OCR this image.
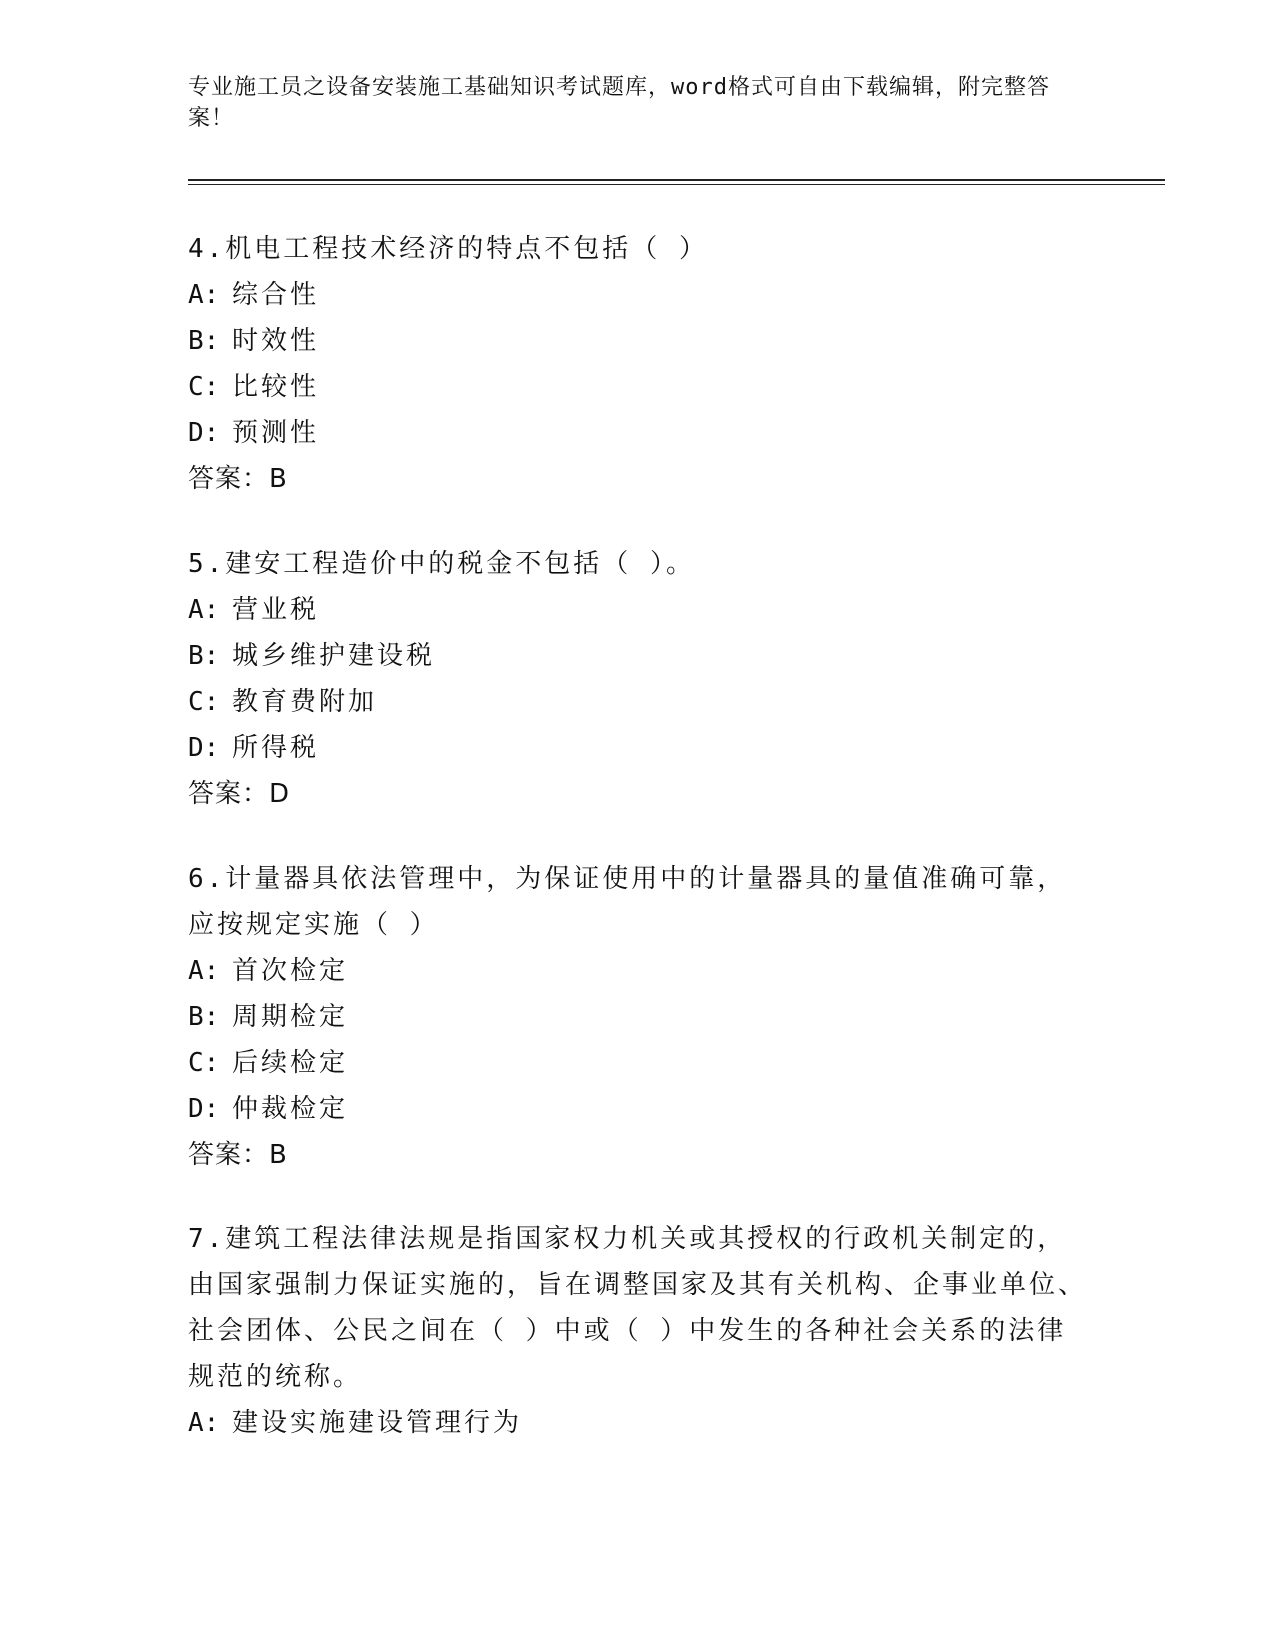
专业施工员之设备安装施工基础知识考试题库，word格式可自由下载编辑，附完整答案！

4.机电工程技术经济的特点不包括（ ）

A: 综合性

B: 时效性

C: 比较性

D: 预测性

答案：B

5.建安工程造价中的税金不包括（ ）。

A: 营业税

B: 城乡维护建设税

C: 教育费附加

D: 所得税

答案：D

6.计量器具依法管理中，为保证使用中的计量器具的量值准确可靠，应按规定实施（ ）

A: 首次检定

B: 周期检定

C: 后续检定

D: 仲裁检定

答案：B

7.建筑工程法律法规是指国家权力机关或其授权的行政机关制定的，由国家强制力保证实施的，旨在调整国家及其有关机构、企事业单位、社会团体、公民之间在（ ）中或（ ）中发生的各种社会关系的法律规范的统称。

A: 建设实施建设管理行为
